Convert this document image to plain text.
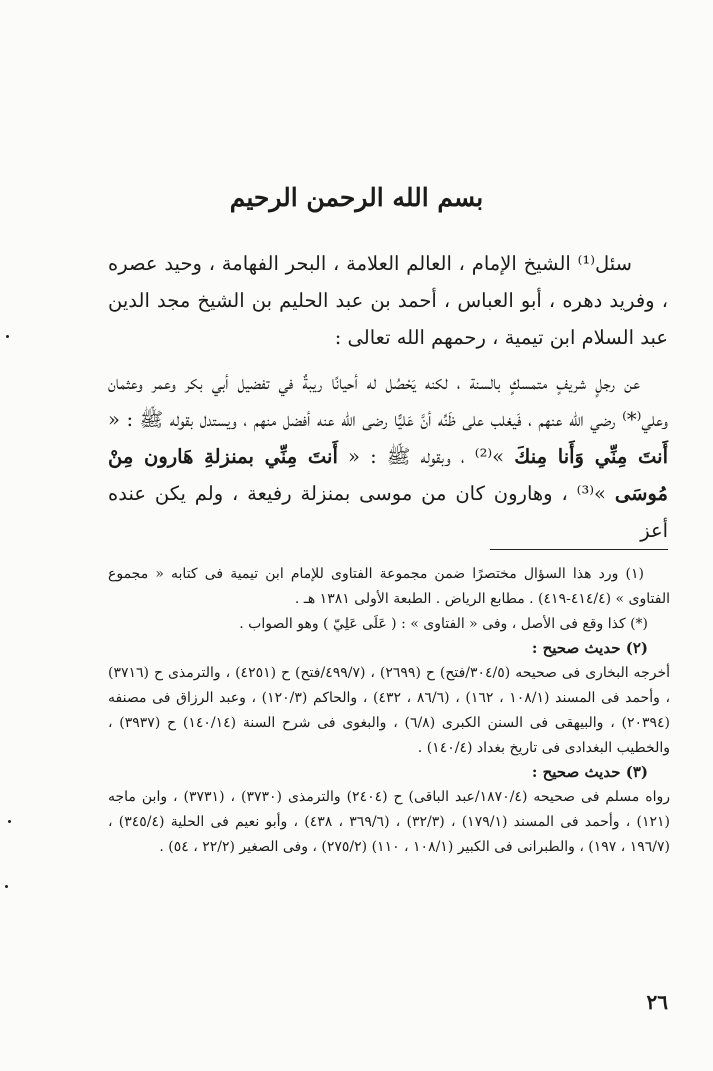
بسم الله الرحمن الرحيم

سئل⁽¹⁾ الشيخ الإمام ، العالم العلامة ، البحر الفهامة ، وحيد عصره ، وفريد دهره ، أبو العباس ، أحمد بن عبد الحليم بن الشيخ مجد الدين عبد السلام ابن تيمية ، رحمهم الله تعالى :

عن رجلٍ شريفٍ متمسكٍ بالسنة ، لكنه يَحْصُل له أحيانًا ريبةٌ في تفضيل أبي بكر وعمر وعثمان وعلي⁽*⁾ رضي الله عنهم ، فَيغلب على ظَنِّه أنَّ عَليًّا رضى الله عنه أفضل منهم ، ويستدل بقوله ﷺ : « أَنتَ مِنِّي وَأَنا مِنكَ »⁽²⁾ ، وبقوله ﷺ : « أَنتَ مِنِّي بمنزلةِ هَارون مِنْ مُوسَى »⁽³⁾ ، وهارون كان من موسى بمنزلة رفيعة ، ولم يكن عنده أعز

(١) ورد هذا السؤال مختصرًا ضمن مجموعة الفتاوى للإمام ابن تيمية فى كتابه « مجموع الفتاوى » (٤١٤/٤-٤١٩) . مطابع الرياض . الطبعة الأولى ١٣٨١ هـ .

(*) كذا وقع فى الأصل ، وفى « الفتاوى » : ( عَلَى عَلِيّ ) وهو الصواب .

(٢) حديث صحيح :

أخرجه البخارى فى صحيحه (٣٠٤/٥/فتح) ح (٢٦٩٩) ، (٤٩٩/٧/فتح) ح (٤٢٥١) ، والترمذى ح (٣٧١٦) ، وأحمد فى المسند (١٠٨/١ ، ١٦٢) ، (٨٦/٦ ، ٤٣٢) ، والحاكم (١٢٠/٣) ، وعبد الرزاق فى مصنفه (٢٠٣٩٤) ، والبيهقى فى السنن الكبرى (٦/٨) ، والبغوى فى شرح السنة (١٤٠/١٤) ح (٣٩٣٧) ، والخطيب البغدادى فى تاريخ بغداد (١٤٠/٤) .

(٣) حديث صحيح :

رواه مسلم فى صحيحه (١٨٧٠/٤/عبد الباقى) ح (٢٤٠٤) والترمذى (٣٧٣٠) ، (٣٧٣١) ، وابن ماجه (١٢١) ، وأحمد فى المسند (١٧٩/١) ، (٣٢/٣) ، (٣٦٩/٦ ، ٤٣٨) ، وأبو نعيم فى الحلية (٣٤٥/٤) ، (١٩٦/٧ ، ١٩٧) ، والطبرانى فى الكبير (١٠٨/١ ، ١١٠) (٢٧٥/٢) ، وفى الصغير (٢٢/٢ ، ٥٤) .

٢٦
